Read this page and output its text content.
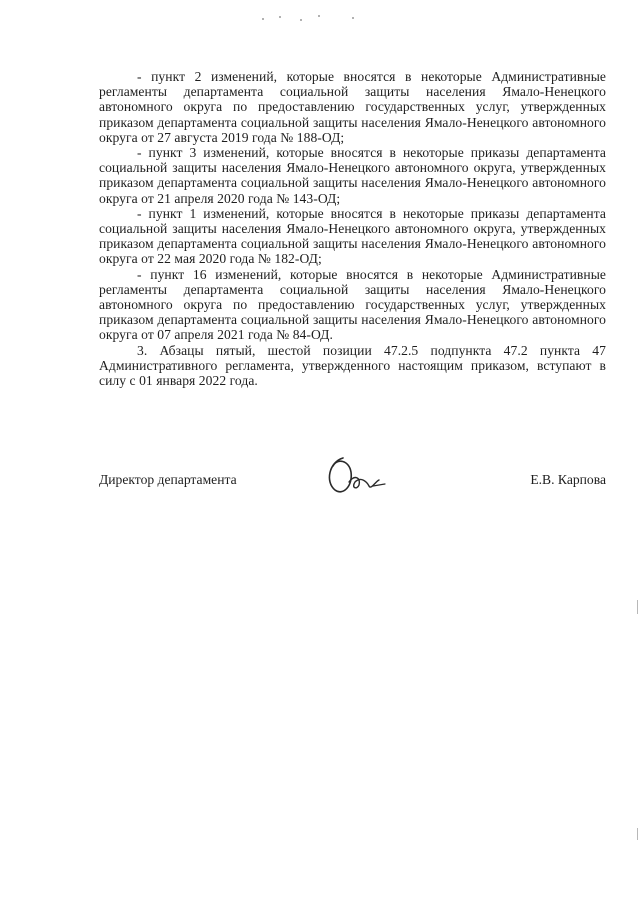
- пункт 2 изменений, которые вносятся в некоторые Административные регламенты департамента социальной защиты населения Ямало-Ненецкого автономного округа по предоставлению государственных услуг, утвержденных приказом департамента социальной защиты населения Ямало-Ненецкого автономного округа от 27 августа 2019 года № 188-ОД;

- пункт 3 изменений, которые вносятся в некоторые приказы департамента социальной защиты населения Ямало-Ненецкого автономного округа, утвержденных приказом департамента социальной защиты населения Ямало-Ненецкого автономного округа от 21 апреля 2020 года № 143-ОД;

- пункт 1 изменений, которые вносятся в некоторые приказы департамента социальной защиты населения Ямало-Ненецкого автономного округа, утвержденных приказом департамента социальной защиты населения Ямало-Ненецкого автономного округа от 22 мая 2020 года № 182-ОД;

- пункт 16 изменений, которые вносятся в некоторые Административные регламенты департамента социальной защиты населения Ямало-Ненецкого автономного округа по предоставлению государственных услуг, утвержденных приказом департамента социальной защиты населения Ямало-Ненецкого автономного округа от 07 апреля 2021 года № 84-ОД.

3. Абзацы пятый, шестой позиции 47.2.5 подпункта 47.2 пункта 47 Административного регламента, утвержденного настоящим приказом, вступают в силу с 01 января 2022 года.

Директор департамента	Е.В. Карпова
